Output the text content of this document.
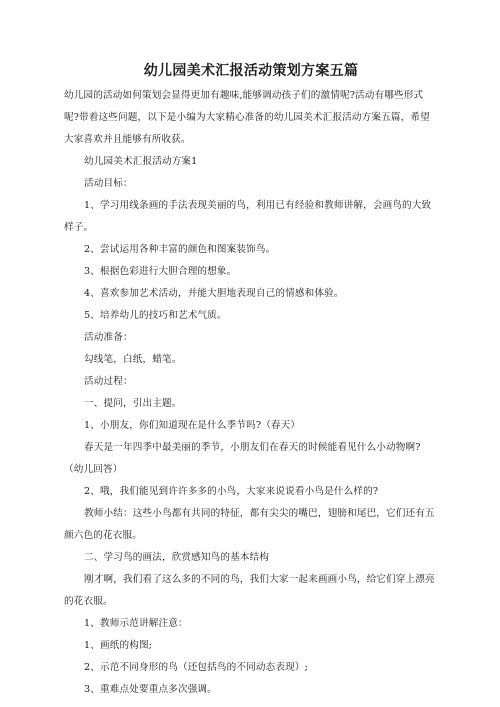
幼儿园美术汇报活动策划方案五篇

幼儿园的活动如何策划会显得更加有趣味,能够调动孩子们的激情呢?活动有哪些形式呢?带着这些问题，以下是小编为大家精心准备的幼儿园美术汇报活动方案五篇，希望大家喜欢并且能够有所收获。

幼儿园美术汇报活动方案1

活动目标：

1、学习用线条画的手法表现美丽的鸟，利用已有经验和教师讲解，会画鸟的大致样子。

2、尝试运用各种丰富的颜色和图案装饰鸟。

3、根据色彩进行大胆合理的想象。

4、喜欢参加艺术活动，并能大胆地表现自己的情感和体验。

5、培养幼儿的技巧和艺术气质。

活动准备：

勾线笔，白纸，蜡笔。

活动过程：

一、提问，引出主题。

1、小朋友，你们知道现在是什么季节吗?（春天）

春天是一年四季中最美丽的季节，小朋友们在春天的时候能看见什么小动物啊?（幼儿回答）

2、哦，我们能见到许许多多的小鸟，大家来说说看小鸟是什么样的?

教师小结：这些小鸟都有共同的特征，都有尖尖的嘴巴，翅膀和尾巴，它们还有五颜六色的花衣服。

二、学习鸟的画法，欣赏感知鸟的基本结构

刚才啊，我们看了这么多的不同的鸟，我们大家一起来画画小鸟，给它们穿上漂亮的花衣服。

1、教师示范讲解注意：

1、画纸的构图;

2、示范不同身形的鸟（还包括鸟的不同动态表现）;

3、重难点处要重点多次强调。
